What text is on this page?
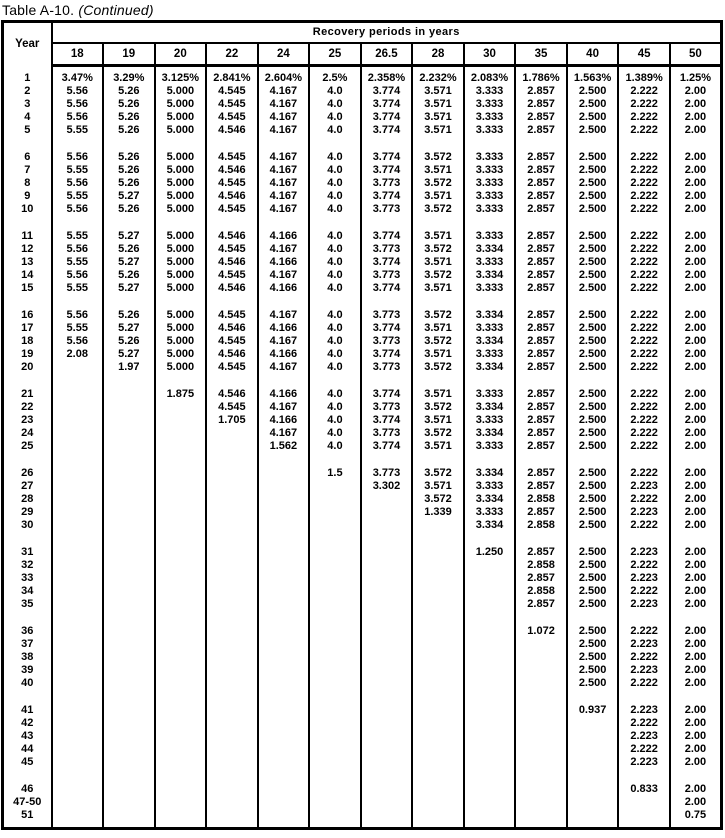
Table A-10. (Continued)
Year	Recovery periods in years												
	18	19	20	22	24	25	26.5	28	30	35	40	45	50

1	3.47%	3.29%	3.125%	2.841%	2.604%	2.5%	2.358%	2.232%	2.083%	1.786%	1.563%	1.389%	1.25%
2	5.56	5.26	5.000	4.545	4.167	4.0	3.774	3.571	3.333	2.857	2.500	2.222	2.00
3	5.56	5.26	5.000	4.545	4.167	4.0	3.774	3.571	3.333	2.857	2.500	2.222	2.00
4	5.56	5.26	5.000	4.545	4.167	4.0	3.774	3.571	3.333	2.857	2.500	2.222	2.00
5	5.55	5.26	5.000	4.546	4.167	4.0	3.774	3.571	3.333	2.857	2.500	2.222	2.00

6	5.56	5.26	5.000	4.545	4.167	4.0	3.774	3.572	3.333	2.857	2.500	2.222	2.00
7	5.55	5.26	5.000	4.546	4.167	4.0	3.774	3.571	3.333	2.857	2.500	2.222	2.00
8	5.56	5.26	5.000	4.545	4.167	4.0	3.773	3.572	3.333	2.857	2.500	2.222	2.00
9	5.55	5.27	5.000	4.546	4.167	4.0	3.774	3.571	3.333	2.857	2.500	2.222	2.00
10	5.56	5.26	5.000	4.545	4.167	4.0	3.773	3.572	3.333	2.857	2.500	2.222	2.00

11	5.55	5.27	5.000	4.546	4.166	4.0	3.774	3.571	3.333	2.857	2.500	2.222	2.00
12	5.56	5.26	5.000	4.545	4.167	4.0	3.773	3.572	3.334	2.857	2.500	2.222	2.00
13	5.55	5.27	5.000	4.546	4.166	4.0	3.774	3.571	3.333	2.857	2.500	2.222	2.00
14	5.56	5.26	5.000	4.545	4.167	4.0	3.773	3.572	3.334	2.857	2.500	2.222	2.00
15	5.55	5.27	5.000	4.546	4.166	4.0	3.774	3.571	3.333	2.857	2.500	2.222	2.00

16	5.56	5.26	5.000	4.545	4.167	4.0	3.773	3.572	3.334	2.857	2.500	2.222	2.00
17	5.55	5.27	5.000	4.546	4.166	4.0	3.774	3.571	3.333	2.857	2.500	2.222	2.00
18	5.56	5.26	5.000	4.545	4.167	4.0	3.773	3.572	3.334	2.857	2.500	2.222	2.00
19	2.08	5.27	5.000	4.546	4.166	4.0	3.774	3.571	3.333	2.857	2.500	2.222	2.00
20		1.97	5.000	4.545	4.167	4.0	3.773	3.572	3.334	2.857	2.500	2.222	2.00

21			1.875	4.546	4.166	4.0	3.774	3.571	3.333	2.857	2.500	2.222	2.00
22				4.545	4.167	4.0	3.773	3.572	3.334	2.857	2.500	2.222	2.00
23				1.705	4.166	4.0	3.774	3.571	3.333	2.857	2.500	2.222	2.00
24					4.167	4.0	3.773	3.572	3.334	2.857	2.500	2.222	2.00
25					1.562	4.0	3.774	3.571	3.333	2.857	2.500	2.222	2.00

26						1.5	3.773	3.572	3.334	2.857	2.500	2.222	2.00
27							3.302	3.571	3.333	2.857	2.500	2.223	2.00
28								3.572	3.334	2.858	2.500	2.222	2.00
29								1.339	3.333	2.857	2.500	2.223	2.00
30									3.334	2.858	2.500	2.222	2.00

31									1.250	2.857	2.500	2.223	2.00
32										2.858	2.500	2.222	2.00
33										2.857	2.500	2.223	2.00
34										2.858	2.500	2.222	2.00
35										2.857	2.500	2.223	2.00

36										1.072	2.500	2.222	2.00
37											2.500	2.223	2.00
38											2.500	2.222	2.00
39											2.500	2.223	2.00
40											2.500	2.222	2.00

41											0.937	2.223	2.00
42												2.222	2.00
43												2.223	2.00
44												2.222	2.00
45												2.223	2.00

46												0.833	2.00
47-50													2.00
51													0.75
